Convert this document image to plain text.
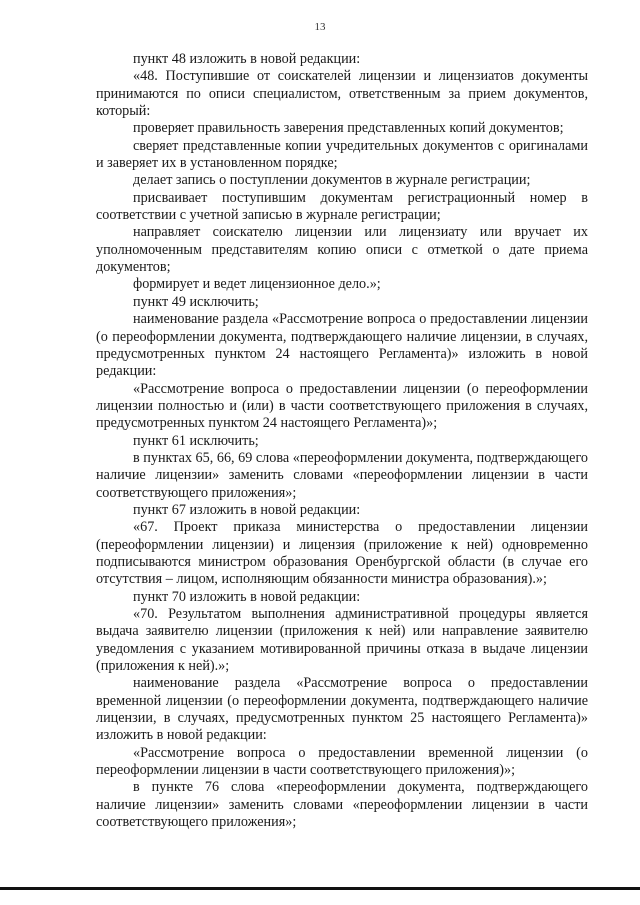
13

пункт 48 изложить в новой редакции:

«48. Поступившие от соискателей лицензии и лицензиатов документы принимаются по описи специалистом, ответственным за прием документов, который:

проверяет правильность заверения представленных копий документов;

сверяет представленные копии учредительных документов с оригиналами и заверяет их в установленном порядке;

делает запись о поступлении документов в журнале регистрации;

присваивает поступившим документам регистрационный номер в соответствии с учетной записью в журнале регистрации;

направляет соискателю лицензии или лицензиату или вручает их уполномоченным представителям копию описи с отметкой о дате приема документов;

формирует и ведет лицензионное дело.»;

пункт 49 исключить;

наименование раздела «Рассмотрение вопроса о предоставлении лицензии (о переоформлении документа, подтверждающего наличие лицензии, в случаях, предусмотренных пунктом 24 настоящего Регламента)» изложить в новой редакции:

«Рассмотрение вопроса о предоставлении лицензии (о переоформлении лицензии полностью и (или) в части соответствующего приложения в случаях, предусмотренных пунктом 24 настоящего Регламента)»;

пункт 61 исключить;

в пунктах 65, 66, 69 слова «переоформлении документа, подтверждающего наличие лицензии» заменить словами «переоформлении лицензии в части соответствующего приложения»;

пункт 67 изложить в новой редакции:

«67. Проект приказа министерства о предоставлении лицензии (переоформлении лицензии) и лицензия (приложение к ней) одновременно подписываются министром образования Оренбургской области (в случае его отсутствия – лицом, исполняющим обязанности министра образования).»;

пункт 70 изложить в новой редакции:

«70. Результатом выполнения административной процедуры является выдача заявителю лицензии (приложения к ней) или направление заявителю уведомления с указанием мотивированной причины отказа в выдаче лицензии (приложения к ней).»;

наименование раздела «Рассмотрение вопроса о предоставлении временной лицензии (о переоформлении документа, подтверждающего наличие лицензии, в случаях, предусмотренных пунктом 25 настоящего Регламента)» изложить в новой редакции:

«Рассмотрение вопроса о предоставлении временной лицензии (о переоформлении лицензии в части соответствующего приложения)»;

в пункте 76 слова «переоформлении документа, подтверждающего наличие лицензии» заменить словами «переоформлении лицензии в части соответствующего приложения»;
